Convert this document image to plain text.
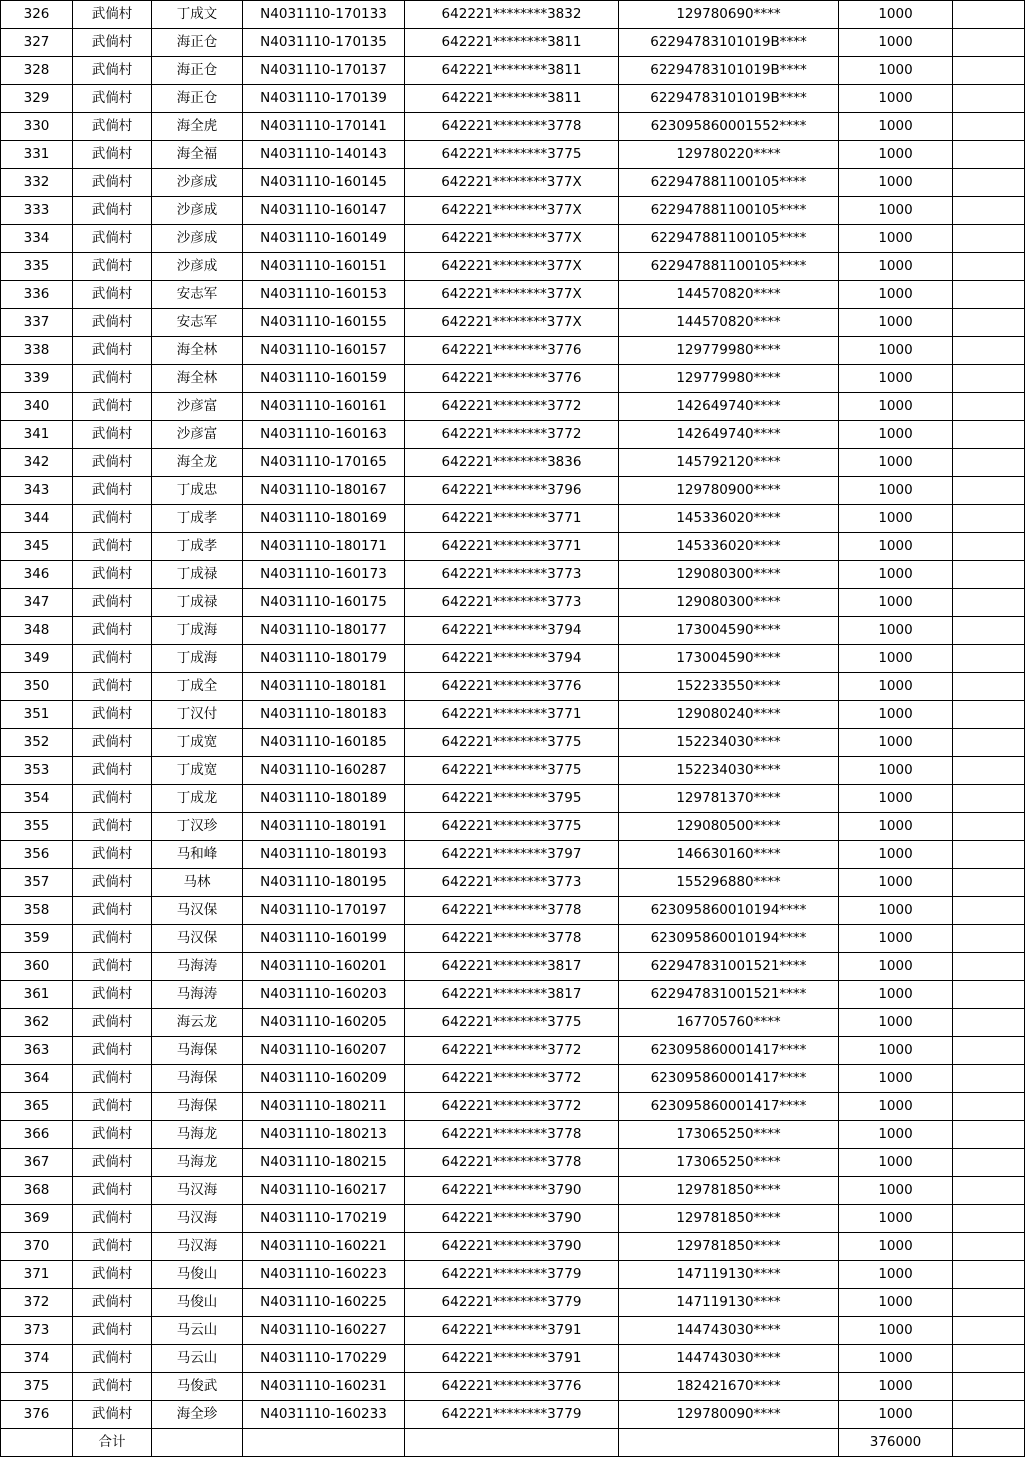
326	武倘村	丁成文	N4031110-170133	642221********3832	129780690****	1000	
327	武倘村	海正仓	N4031110-170135	642221********3811	62294783101019B****	1000	
328	武倘村	海正仓	N4031110-170137	642221********3811	62294783101019B****	1000	
329	武倘村	海正仓	N4031110-170139	642221********3811	62294783101019B****	1000	
330	武倘村	海全虎	N4031110-170141	642221********3778	623095860001552****	1000	
331	武倘村	海全福	N4031110-140143	642221********3775	129780220****	1000	
332	武倘村	沙彦成	N4031110-160145	642221********377X	622947881100105****	1000	
333	武倘村	沙彦成	N4031110-160147	642221********377X	622947881100105****	1000	
334	武倘村	沙彦成	N4031110-160149	642221********377X	622947881100105****	1000	
335	武倘村	沙彦成	N4031110-160151	642221********377X	622947881100105****	1000	
336	武倘村	安志军	N4031110-160153	642221********377X	144570820****	1000	
337	武倘村	安志军	N4031110-160155	642221********377X	144570820****	1000	
338	武倘村	海全林	N4031110-160157	642221********3776	129779980****	1000	
339	武倘村	海全林	N4031110-160159	642221********3776	129779980****	1000	
340	武倘村	沙彦富	N4031110-160161	642221********3772	142649740****	1000	
341	武倘村	沙彦富	N4031110-160163	642221********3772	142649740****	1000	
342	武倘村	海全龙	N4031110-170165	642221********3836	145792120****	1000	
343	武倘村	丁成忠	N4031110-180167	642221********3796	129780900****	1000	
344	武倘村	丁成孝	N4031110-180169	642221********3771	145336020****	1000	
345	武倘村	丁成孝	N4031110-180171	642221********3771	145336020****	1000	
346	武倘村	丁成禄	N4031110-160173	642221********3773	129080300****	1000	
347	武倘村	丁成禄	N4031110-160175	642221********3773	129080300****	1000	
348	武倘村	丁成海	N4031110-180177	642221********3794	173004590****	1000	
349	武倘村	丁成海	N4031110-180179	642221********3794	173004590****	1000	
350	武倘村	丁成全	N4031110-180181	642221********3776	152233550****	1000	
351	武倘村	丁汉付	N4031110-180183	642221********3771	129080240****	1000	
352	武倘村	丁成宽	N4031110-160185	642221********3775	152234030****	1000	
353	武倘村	丁成宽	N4031110-160287	642221********3775	152234030****	1000	
354	武倘村	丁成龙	N4031110-180189	642221********3795	129781370****	1000	
355	武倘村	丁汉珍	N4031110-180191	642221********3775	129080500****	1000	
356	武倘村	马和峰	N4031110-180193	642221********3797	146630160****	1000	
357	武倘村	马林	N4031110-180195	642221********3773	155296880****	1000	
358	武倘村	马汉保	N4031110-170197	642221********3778	623095860010194****	1000	
359	武倘村	马汉保	N4031110-160199	642221********3778	623095860010194****	1000	
360	武倘村	马海涛	N4031110-160201	642221********3817	622947831001521****	1000	
361	武倘村	马海涛	N4031110-160203	642221********3817	622947831001521****	1000	
362	武倘村	海云龙	N4031110-160205	642221********3775	167705760****	1000	
363	武倘村	马海保	N4031110-160207	642221********3772	623095860001417****	1000	
364	武倘村	马海保	N4031110-160209	642221********3772	623095860001417****	1000	
365	武倘村	马海保	N4031110-180211	642221********3772	623095860001417****	1000	
366	武倘村	马海龙	N4031110-180213	642221********3778	173065250****	1000	
367	武倘村	马海龙	N4031110-180215	642221********3778	173065250****	1000	
368	武倘村	马汉海	N4031110-160217	642221********3790	129781850****	1000	
369	武倘村	马汉海	N4031110-170219	642221********3790	129781850****	1000	
370	武倘村	马汉海	N4031110-160221	642221********3790	129781850****	1000	
371	武倘村	马俊山	N4031110-160223	642221********3779	147119130****	1000	
372	武倘村	马俊山	N4031110-160225	642221********3779	147119130****	1000	
373	武倘村	马云山	N4031110-160227	642221********3791	144743030****	1000	
374	武倘村	马云山	N4031110-170229	642221********3791	144743030****	1000	
375	武倘村	马俊武	N4031110-160231	642221********3776	182421670****	1000	
376	武倘村	海全珍	N4031110-160233	642221********3779	129780090****	1000	
	合计					376000	
